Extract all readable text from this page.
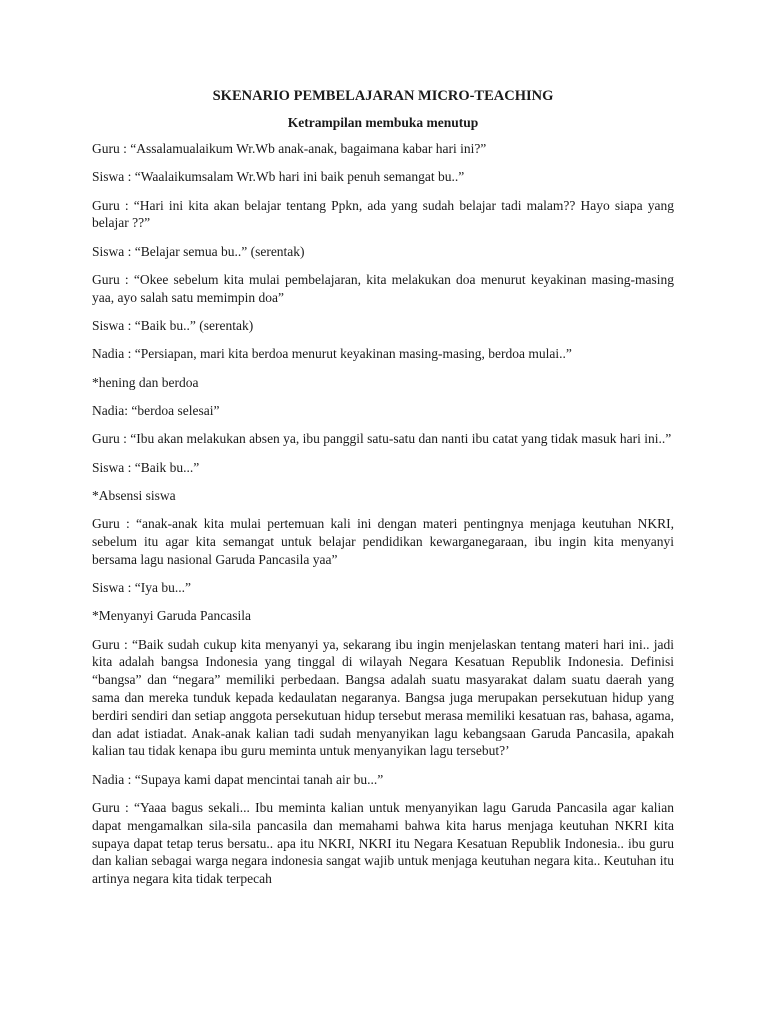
SKENARIO PEMBELAJARAN MICRO-TEACHING
Ketrampilan membuka menutup

Guru : “Assalamualaikum Wr.Wb anak-anak, bagaimana kabar hari ini?”

Siswa : “Waalaikumsalam Wr.Wb hari ini baik penuh semangat bu..”

Guru : “Hari ini kita akan belajar tentang Ppkn, ada yang sudah belajar tadi malam?? Hayo siapa yang belajar ??”

Siswa : “Belajar semua bu..” (serentak)

Guru : “Okee sebelum kita mulai pembelajaran, kita melakukan doa menurut keyakinan masing-masing yaa, ayo salah satu memimpin doa”

Siswa : “Baik bu..” (serentak)

Nadia : “Persiapan, mari kita berdoa menurut keyakinan masing-masing, berdoa mulai..”

*hening dan berdoa

Nadia: “berdoa selesai”

Guru : “Ibu akan melakukan absen ya, ibu panggil satu-satu dan nanti ibu catat yang tidak masuk hari ini..”

Siswa : “Baik bu...”

*Absensi siswa

Guru : “anak-anak kita mulai pertemuan kali ini dengan materi pentingnya menjaga keutuhan NKRI, sebelum itu agar kita semangat untuk belajar pendidikan kewarganegaraan, ibu ingin kita menyanyi bersama lagu nasional Garuda Pancasila yaa”

Siswa : “Iya bu...”

*Menyanyi Garuda Pancasila

Guru : “Baik sudah cukup kita menyanyi ya, sekarang ibu ingin menjelaskan tentang materi hari ini.. jadi kita adalah bangsa Indonesia yang tinggal di wilayah Negara Kesatuan Republik Indonesia. Definisi “bangsa” dan “negara” memiliki perbedaan. Bangsa adalah suatu masyarakat dalam suatu daerah yang sama dan mereka tunduk kepada kedaulatan negaranya. Bangsa juga merupakan persekutuan hidup yang berdiri sendiri dan setiap anggota persekutuan hidup tersebut merasa memiliki kesatuan ras, bahasa, agama, dan adat istiadat. Anak-anak kalian tadi sudah menyanyikan lagu kebangsaan Garuda Pancasila, apakah kalian tau tidak kenapa ibu guru meminta untuk menyanyikan lagu tersebut?’

Nadia : “Supaya kami dapat mencintai tanah air bu...”

Guru : “Yaaa bagus sekali... Ibu meminta kalian untuk menyanyikan lagu Garuda Pancasila agar kalian dapat mengamalkan sila-sila pancasila dan memahami bahwa kita harus menjaga keutuhan NKRI kita supaya dapat tetap terus bersatu.. apa itu NKRI, NKRI itu Negara Kesatuan Republik Indonesia.. ibu guru dan kalian sebagai warga negara indonesia sangat wajib untuk menjaga keutuhan negara kita.. Keutuhan itu artinya negara kita tidak terpecah
